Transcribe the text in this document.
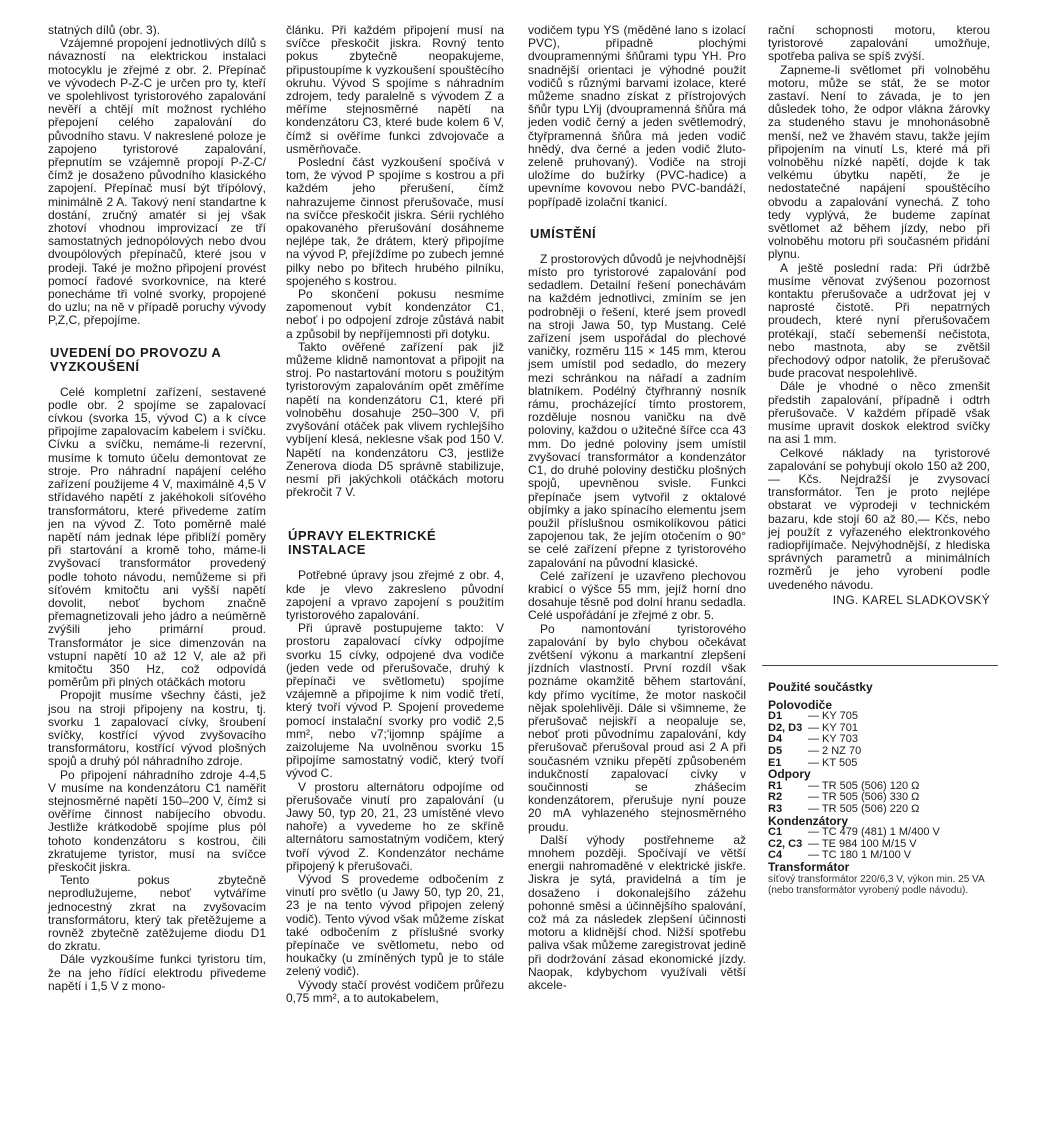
statných dílů (obr. 3).

Vzájemné propojení jednotlivých dílů s návazností na elektrickou instalaci motocyklu je zřejmé z obr. 2. Přepínač ve vývodech P-Z-C je určen pro ty, kteří ve spolehlivost tyristorového zapalování nevěří a chtějí mít možnost rychlého přepojení celého zapalování do původního stavu. V nakreslené poloze je zapojeno tyristorové zapalování, přepnutím se vzájemně propojí P-Z-C/ čímž je dosaženo původního klasického zapojení. Přepínač musí být třípólový, minimálně 2 A. Takový není standartne k dostání, zručný amatér si jej však zhotoví vhodnou improvizací ze tří samostatných jednopólových nebo dvou dvoupólových přepínačů, které jsou v prodeji. Také je možno připojení provést pomocí řadové svorkovnice, na které ponecháme tři volné svorky, propojené do uzlu; na ně v případě poruchy vývody P,Z,C, přepojíme.

UVEDENÍ DO PROVOZU A VYZKOUŠENÍ

Celé kompletní zařízení, sestavené podle obr. 2 spojíme se zapalovací cívkou (svorka 15, vývod C) a k cívce připojíme zapalovacím kabelem i svíčku. Cívku a svíčku, nemáme-li rezervní, musíme k tomuto účelu demontovat ze stroje. Pro náhradní napájení celého zařízení použijeme 4 V, maximálně 4,5 V střídavého napětí z jakéhokoli síťového transformátoru, které přivedeme zatím jen na vývod Z. Toto poměrně malé napětí nám jednak lépe přiblíží poměry při startování a kromě toho, máme-li zvyšovací transformátor provedený podle tohoto návodu, nemůžeme si při síťovém kmitočtu ani vyšší napětí dovolit, neboť bychom značně přemagnetizovali jeho jádro a neúměrně zvýšili jeho primární proud. Transformátor je sice dimenzován na vstupní napětí 10 až 12 V, ale až při kmitočtu 350 Hz, což odpovídá poměrům při plných otáčkách motoru

Propojit musíme všechny části, jež jsou na stroji připojeny na kostru, tj. svorku 1 zapalovací cívky, šroubení svíčky, kostřící vývod zvyšovacího transformátoru, kostřící vývod plošných spojů a druhý pól náhradního zdroje.

Po připojení náhradního zdroje 4-4,5 V musíme na kondenzátoru C1 naměřit stejnosměrné napětí 150–200 V, čímž si ověříme činnost nabíjecího obvodu. Jestliže krátkodobě spojíme plus pól tohoto kondenzátoru s kostrou, čili zkratujeme tyristor, musí na svíčce přeskočit jiskra.

Tento pokus zbytečně neprodlužujeme, neboť vytváříme jednocestný zkrat na zvyšovacím transformátoru, který tak přetěžujeme a rovněž zbytečně zatěžujeme diodu D1 do zkratu.

Dále vyzkoušíme funkci tyristoru tím, že na jeho řídící elektrodu přivedeme napětí i 1,5 V z mono-

článku. Při každém připojení musí na svíčce přeskočit jiskra. Rovný tento pokus zbytečně neopakujeme, připustoupíme k vyzkoušení spouštěcího okruhu. Vývod S spojíme s náhradním zdrojem, tedy paralelně s vývodem Z a měříme stejnosměrné napětí na kondenzátoru C3, které bude kolem 6 V, čímž si ověříme funkci zdvojovače a usměrňovače.

Poslední část vyzkoušení spočívá v tom, že vývod P spojíme s kostrou a při každém jeho přerušení, čímž nahrazujeme činnost přerušovače, musí na svíčce přeskočit jiskra. Sérii rychlého opakovaného přerušování dosáhneme nejlépe tak, že drátem, který připojíme na vývod P, přejíždíme po zubech jemné pilky nebo po břitech hrubého pilníku, spojeného s kostrou.

Po skončení pokusu nesmíme zapomenout vybít kondenzátor C1, neboť i po odpojení zdroje zůstává nabit a způsobil by nepříjemnosti při dotyku.

Takto ověřené zařízení pak již můžeme klidně namontovat a připojit na stroj. Po nastartování motoru s použitým tyristorovým zapalováním opět změříme napětí na kondenzátoru C1, které při volnoběhu dosahuje 250–300 V, při zvyšování otáček pak vlivem rychlejšího vybíjení klesá, neklesne však pod 150 V. Napětí na kondenzátoru C3, jestliže Zenerova dioda D5 správně stabilizuje, nesmí při jakýchkoli otáčkách motoru překročit 7 V.

ÚPRAVY ELEKTRICKÉ INSTALACE

Potřebné úpravy jsou zřejmé z obr. 4, kde je vlevo zakresleno původní zapojení a vpravo zapojení s použitím tyristorového zapalování.

Při úpravě postupujeme takto: V prostoru zapalovací cívky odpojíme svorku 15 cívky, odpojené dva vodiče (jeden vede od přerušovače, druhý k přepínači ve světlometu) spojíme vzájemně a připojíme k nim vodič třetí, který tvoří vývod P. Spojení provedeme pomocí instalační svorky pro vodič 2,5 mm², nebo v7;'ijomnp spájíme a zaizolujeme Na uvolněnou svorku 15 připojíme samostatný vodič, který tvoří vývod C.

V prostoru alternátoru odpojíme od přerušovače vinutí pro zapalování (u Jawy 50, typ 20, 21, 23 umístěné vlevo nahoře) a vyvedeme ho ze skříně alternátoru samostatným vodičem, který tvoří vývod Z. Kondenzátor necháme připojený k přerušovači.

Vývod S provedeme odbočením z vinutí pro světlo (u Jawy 50, typ 20, 21, 23 je na tento vývod připojen zelený vodič). Tento vývod však můžeme získat také odbočením z příslušné svorky přepínače ve světlometu, nebo od houkačky (u zmíněných typů je to stále zelený vodič).

Vývody stačí provést vodičem průřezu 0,75 mm², a to autokabelem,

vodičem typu YS (měděné lano s izolací PVC), případně plochými dvoupramennými šňůrami typu YH. Pro snadnější orientaci je výhodné použít vodičů s různými barvami izolace, které můžeme snadno získat z přístrojových šňůr typu LYij (dvoupramenná šňůra má jeden vodič černý a jeden světlemodrý, čtyřpramenná šňůra má jeden vodič hnědý, dva černé a jeden vodič žluto-zeleně pruhovaný). Vodiče na stroji uložíme do bužírky (PVC-hadice) a upevníme kovovou nebo PVC-bandáží, popřípadě izolační tkanicí.

UMÍSTĚNÍ

Z prostorových důvodů je nejvhodnější místo pro tyristorové zapalování pod sedadlem. Detailní řešení ponechávám na každém jednotlivci, zmíním se jen podrobněji o řešení, které jsem provedl na stroji Jawa 50, typ Mustang. Celé zařízení jsem uspořádal do plechové vaničky, rozměru 115 × 145 mm, kterou jsem umístil pod sedadlo, do mezery mezi schránkou na nářadí a zadním blatníkem. Podélný čtyřhranný nosník rámu, procházející tímto prostorem, rozděluje nosnou vaničku na dvě poloviny, každou o užitečné šířce cca 43 mm. Do jedné poloviny jsem umístil zvyšovací transformátor a kondenzátor C1, do druhé poloviny destičku plošných spojů, upevněnou svisle. Funkci přepínače jsem vytvořil z oktalové objímky a jako spínacího elementu jsem použil příslušnou osmikolíkovou pátici zapojenou tak, že jejím otočením o 90° se celé zařízení přepne z tyristorového zapalování na původní klasické.

Celé zařízení je uzavřeno plechovou krabicí o výšce 55 mm, jejíž horní dno dosahuje těsně pod dolní hranu sedadla. Celé uspořádání je zřejmé z obr. 5.

Po namontování tyristorového zapalování by bylo chybou očekávat zvětšení výkonu a markantní zlepšení jízdních vlastností. První rozdíl však poznáme okamžitě během startování, kdy přímo vycítíme, že motor naskočil nějak spolehlivěji. Dále si všimneme, že přerušovač nejiskří a neopaluje se, neboť proti původnímu zapalování, kdy přerušovač přerušoval proud asi 2 A při současném vzniku přepětí způsobeném indukčností zapalovací cívky v součinnosti se zhášecím kondenzátorem, přerušuje nyní pouze 20 mA vyhlazeného stejnosměrného proudu.

Další výhody postřehneme až mnohem později. Spočívají ve větší energii nahromaděné v elektrické jiskře. Jiskra je sytá, pravidelná a tím je dosaženo i dokonalejšího zážehu pohonné směsi a účinnějšího spalování, což má za následek zlepšení účinnosti motoru a klidnější chod. Nižší spotřebu paliva však můžeme zaregistrovat jedině při dodržování zásad ekonomické jízdy. Naopak, kdybychom využívali větší akcele-

rační schopnosti motoru, kterou tyristorové zapalování umožňuje, spotřeba paliva se spíš zvýší.

Zapneme-li světlomet při volnoběhu motoru, může se stát, že se motor zastaví. Není to závada, je to jen důsledek toho, že odpor vlákna žárovky za studeného stavu je mnohonásobně menší, než ve žhavém stavu, takže jejím připojením na vinutí Ls, které má při volnoběhu nízké napětí, dojde k tak velkému úbytku napětí, že je nedostatečné napájení spouštěcího obvodu a zapalování vynechá. Z toho tedy vyplývá, že budeme zapínat světlomet až během jízdy, nebo při volnoběhu motoru při současném přidání plynu.

A ještě poslední rada: Při údržbě musíme věnovat zvýšenou pozornost kontaktu přerušovače a udržovat jej v naprosté čistotě. Při nepatrných proudech, které nyní přerušovačem protékají, stačí sebemenší nečistota, nebo mastnota, aby se zvětšil přechodový odpor natolik, že přerušovač bude pracovat nespolehlivě.

Dále je vhodné o něco zmenšit předstih zapalování, případně i odtrh přerušovače. V každém případě však musíme upravit doskok elektrod svíčky na asi 1 mm.

Celkové náklady na tyristorové zapalování se pohybují okolo 150 až 200,— Kčs. Nejdražší je zvysovací transformátor. Ten je proto nejlépe obstarat ve výprodeji v technickém bazaru, kde stojí 60 až 80,— Kčs, nebo jej použít z vyřazeného elektronkového radiopřijímače. Nejvýhodnější, z hlediska správných parametrů a minimálních rozměrů je jeho vyrobení podle uvedeného návodu.

ING. KAREL SLADKOVSKÝ
Použité součástky
Polovodiče
D1 — KY 705
D2, D3 — KY 701
D4 — KY 703
D5 — 2 NZ 70
E1 — KT 505
Odpory
R1 — TR 505 (506) 120 Ω
R2 — TR 505 (506) 330 Ω
R3 — TR 505 (506) 220 Ω
Kondenzátory
C1 — TC 479 (481) 1 M/400 V
C2, C3 — TE 984 100 M/15 V
C4 — TC 180 1 M/100 V
Transformátor
síťový transformátor 220/6,3 V, výkon min. 25 VA (nebo transformátor vyrobený podle návodu).
